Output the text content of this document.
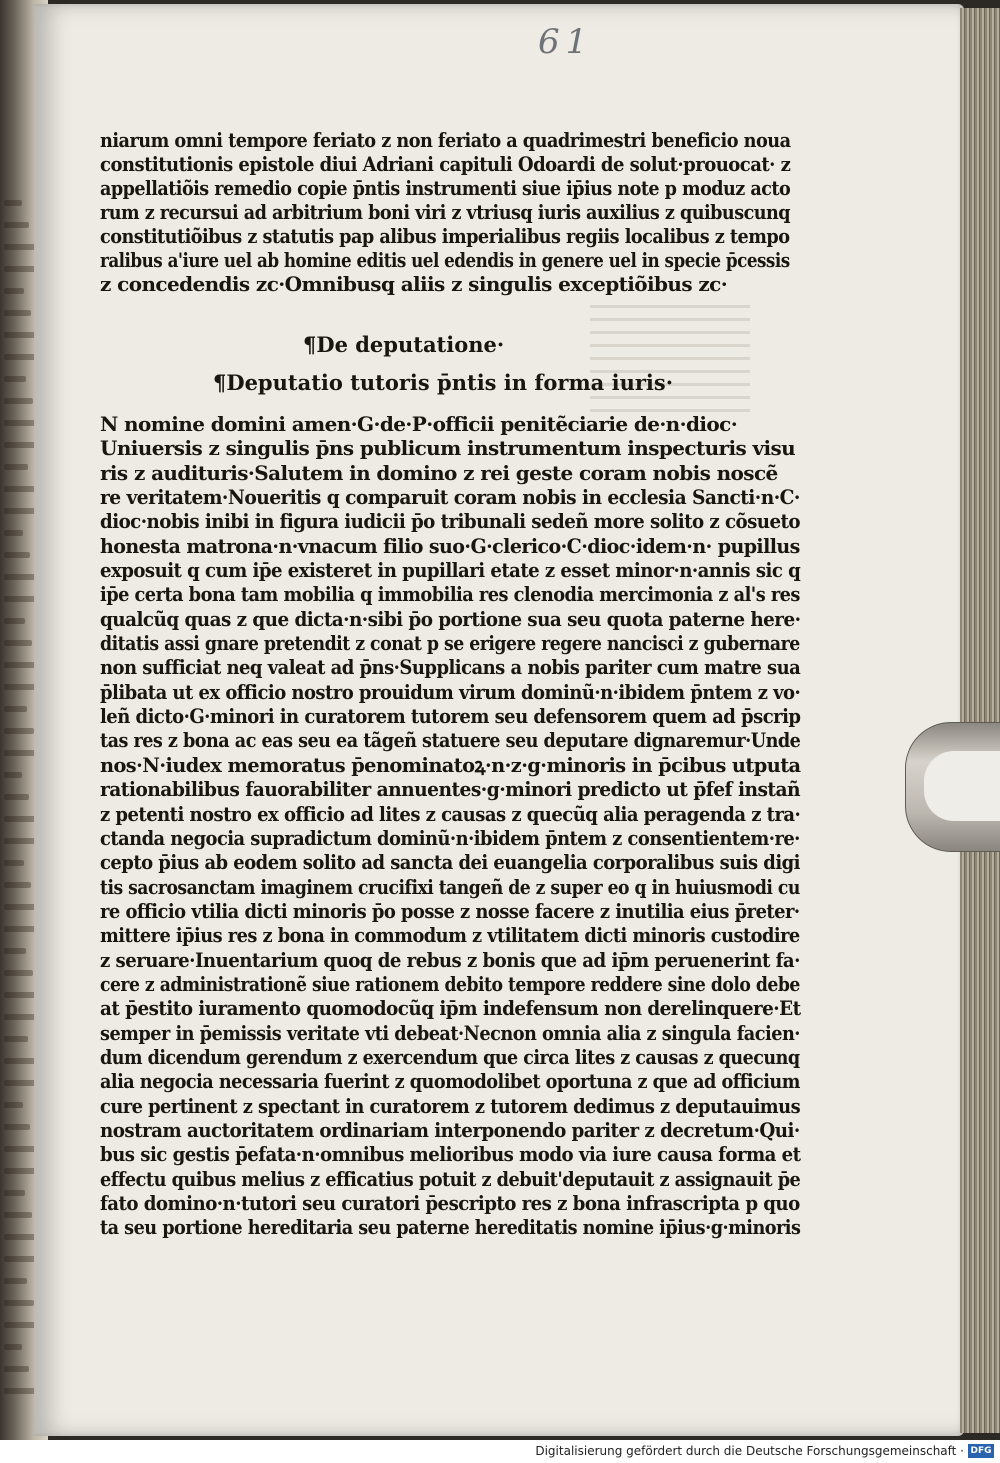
61
niarum omni tempore feriato z non feriato a quadrimestri beneficio noua
constitutionis epistole diui Adriani capituli Odoardi de solut·prouocat· z
appellatiõis remedio copie p̄ntis instrumenti siue ip̄ius note p moduz acto
rum z recursui ad arbitrium boni viri z vtriusq̧ iuris auxilius z quibuscunq̧
constitutiõibus z statutis pap alibus imperialibus regiis localibus z tempo
ralibus a'iure uel ab homine editis uel edendis in genere uel in specie p̄cessis
z concedendis zc·Omnibusq̧ aliis z singulis exceptiõibus zc·
¶De deputatione·
¶Deputatio tutoris p̄ntis in forma iuris·
N nomine domini amen·G·de·P·officii penitẽciarie de·n·dioc·
Uniuersis z singulis p̄ns publicum instrumentum inspecturis visu
ris z audituris·Salutem in domino z rei geste coram nobis noscẽ
re veritatem·Noueritis q̧ comparuit coram nobis in ecclesia Sancti·n·C·
dioc·nobis inibi in figura iudicii p̄o tribunali sedeñ more solito z cõsueto
honesta matrona·n·vnacum filio suo·G·clerico·C·dioc·idem·n· pupillus
exposuit q̧ cum ip̄e existeret in pupillari etate z esset minor·n·annis sic q̧
ip̄e certa bona tam mobilia q̧ immobilia res clenodia mercimonia z al's res
qualcũq̧ quas z que dicta·n·sibi p̄o portione sua seu quota paterne here·
ditatis assi gnare pretendit z conat p se erigere regere nancisci z gubernare
non sufficiat neq̧ valeat ad p̄ns·Supplicans a nobis pariter cum matre sua
p̄libata ut ex officio nostro prouidum virum dominũ·n·ibidem p̄ntem z vo·
leñ dicto·G·minori in curatorem tutorem seu defensorem quem ad p̄scrip
tas res z bona ac eas seu ea tãgeñ statuere seu deputare dignaremur·Unde
nos·N·iudex memoratus p̄enominatoꝝ·n·z·g·minoris in p̄cibus utputa
rationabilibus fauorabiliter annuentes·g·minori predicto ut p̄fef instañ
z petenti nostro ex officio ad lites z causas z quecũq̧ alia peragenda z tra·
ctanda negocia supradictum dominũ·n·ibidem p̄ntem z consentientem·re·
cepto p̄ius ab eodem solito ad sancta dei euangelia corporalibus suis digi
tis sacrosanctam imaginem crucifixi tangeñ de z super eo q̧ in huiusmodi cu
re officio vtilia dicti minoris p̄o posse z nosse facere z inutilia eius p̄reter·
mittere ip̄ius res z bona in commodum z vtilitatem dicti minoris custodire
z seruare·Inuentarium quoq̧ de rebus z bonis que ad ip̄m peruenerint fa·
cere z administrationẽ siue rationem debito tempore reddere sine dolo debe
at p̄estito iuramento quomodocũq̧ ip̄m indefensum non derelinquere·Et
semper in p̄emissis veritate vti debeat·Necnon omnia alia z singula facien·
dum dicendum gerendum z exercendum que circa lites z causas z quecunq̧
alia negocia necessaria fuerint z quomodolibet oportuna z que ad officium
cure pertinent z spectant in curatorem z tutorem dedimus z deputauimus
nostram auctoritatem ordinariam interponendo pariter z decretum·Qui·
bus sic gestis p̄efata·n·omnibus melioribus modo via iure causa forma et
effectu quibus melius z efficatius potuit z debuit'deputauit z assignauit p̄e
fato domino·n·tutori seu curatori p̄escripto res z bona infrascripta p quo
ta seu portione hereditaria seu paterne hereditatis nomine ip̄ius·g·minoris
Digitalisierung gefördert durch die Deutsche Forschungsgemeinschaft · DFG
